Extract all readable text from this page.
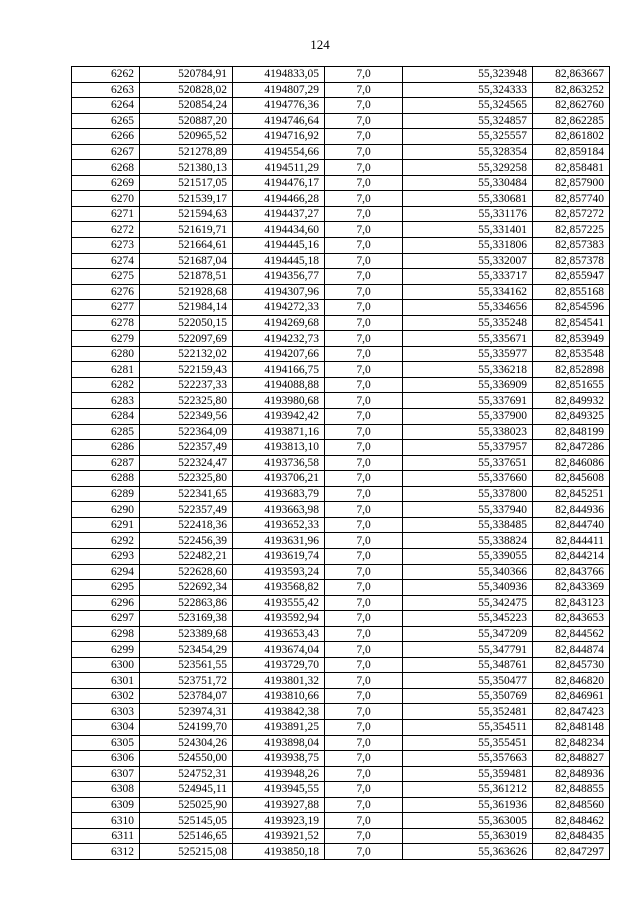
124
6262	520784,91	4194833,05	7,0	55,323948	82,863667
6263	520828,02	4194807,29	7,0	55,324333	82,863252
6264	520854,24	4194776,36	7,0	55,324565	82,862760
6265	520887,20	4194746,64	7,0	55,324857	82,862285
6266	520965,52	4194716,92	7,0	55,325557	82,861802
6267	521278,89	4194554,66	7,0	55,328354	82,859184
6268	521380,13	4194511,29	7,0	55,329258	82,858481
6269	521517,05	4194476,17	7,0	55,330484	82,857900
6270	521539,17	4194466,28	7,0	55,330681	82,857740
6271	521594,63	4194437,27	7,0	55,331176	82,857272
6272	521619,71	4194434,60	7,0	55,331401	82,857225
6273	521664,61	4194445,16	7,0	55,331806	82,857383
6274	521687,04	4194445,18	7,0	55,332007	82,857378
6275	521878,51	4194356,77	7,0	55,333717	82,855947
6276	521928,68	4194307,96	7,0	55,334162	82,855168
6277	521984,14	4194272,33	7,0	55,334656	82,854596
6278	522050,15	4194269,68	7,0	55,335248	82,854541
6279	522097,69	4194232,73	7,0	55,335671	82,853949
6280	522132,02	4194207,66	7,0	55,335977	82,853548
6281	522159,43	4194166,75	7,0	55,336218	82,852898
6282	522237,33	4194088,88	7,0	55,336909	82,851655
6283	522325,80	4193980,68	7,0	55,337691	82,849932
6284	522349,56	4193942,42	7,0	55,337900	82,849325
6285	522364,09	4193871,16	7,0	55,338023	82,848199
6286	522357,49	4193813,10	7,0	55,337957	82,847286
6287	522324,47	4193736,58	7,0	55,337651	82,846086
6288	522325,80	4193706,21	7,0	55,337660	82,845608
6289	522341,65	4193683,79	7,0	55,337800	82,845251
6290	522357,49	4193663,98	7,0	55,337940	82,844936
6291	522418,36	4193652,33	7,0	55,338485	82,844740
6292	522456,39	4193631,96	7,0	55,338824	82,844411
6293	522482,21	4193619,74	7,0	55,339055	82,844214
6294	522628,60	4193593,24	7,0	55,340366	82,843766
6295	522692,34	4193568,82	7,0	55,340936	82,843369
6296	522863,86	4193555,42	7,0	55,342475	82,843123
6297	523169,38	4193592,94	7,0	55,345223	82,843653
6298	523389,68	4193653,43	7,0	55,347209	82,844562
6299	523454,29	4193674,04	7,0	55,347791	82,844874
6300	523561,55	4193729,70	7,0	55,348761	82,845730
6301	523751,72	4193801,32	7,0	55,350477	82,846820
6302	523784,07	4193810,66	7,0	55,350769	82,846961
6303	523974,31	4193842,38	7,0	55,352481	82,847423
6304	524199,70	4193891,25	7,0	55,354511	82,848148
6305	524304,26	4193898,04	7,0	55,355451	82,848234
6306	524550,00	4193938,75	7,0	55,357663	82,848827
6307	524752,31	4193948,26	7,0	55,359481	82,848936
6308	524945,11	4193945,55	7,0	55,361212	82,848855
6309	525025,90	4193927,88	7,0	55,361936	82,848560
6310	525145,05	4193923,19	7,0	55,363005	82,848462
6311	525146,65	4193921,52	7,0	55,363019	82,848435
6312	525215,08	4193850,18	7,0	55,363626	82,847297
